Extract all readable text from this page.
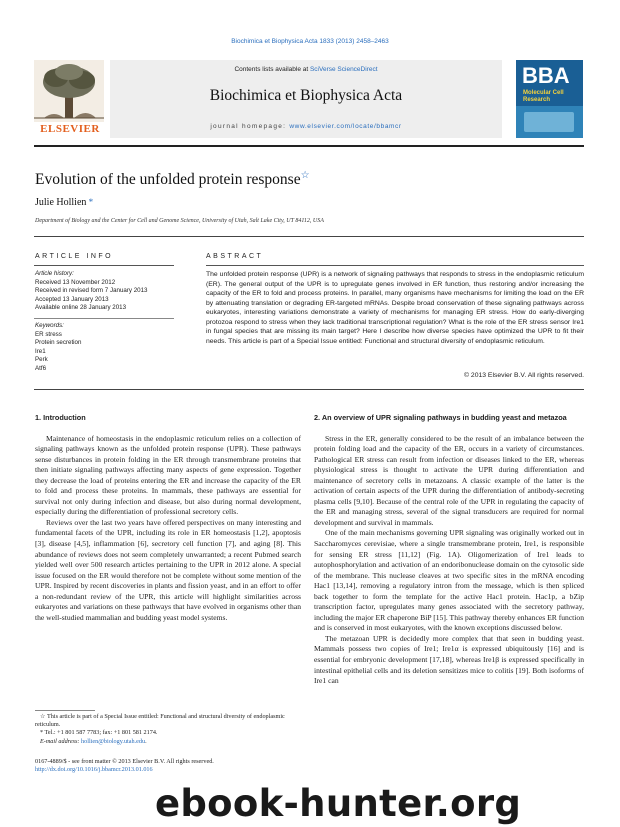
Biochimica et Biophysica Acta 1833 (2013) 2458–2463
ELSEVIER
Contents lists available at SciVerse ScienceDirect
Biochimica et Biophysica Acta
journal homepage: www.elsevier.com/locate/bbamcr
BBA
Molecular Cell Research
Evolution of the unfolded protein response☆
Julie Hollien *
Department of Biology and the Center for Cell and Genome Science, University of Utah, Salt Lake City, UT 84112, USA
ARTICLE INFO
Article history:
Received 13 November 2012
Received in revised form 7 January 2013
Accepted 13 January 2013
Available online 28 January 2013
Keywords:
ER stress
Protein secretion
Ire1
Perk
Atf6
ABSTRACT
The unfolded protein response (UPR) is a network of signaling pathways that responds to stress in the endoplasmic reticulum (ER). The general output of the UPR is to upregulate genes involved in ER function, thus restoring and/or increasing the capacity of the ER to fold and process proteins. In parallel, many organisms have mechanisms for limiting the load on the ER by attenuating translation or degrading ER-targeted mRNAs. Despite broad conservation of these signaling pathways across eukaryotes, interesting variations demonstrate a variety of mechanisms for managing ER stress. How do early-diverging protozoa respond to stress when they lack traditional transcriptional regulation? What is the role of the ER stress sensor Ire1 in fungal species that are missing its main target? Here I describe how diverse species have optimized the UPR to fit their needs. This article is part of a Special Issue entitled: Functional and structural diversity of endoplasmic reticulum.
© 2013 Elsevier B.V. All rights reserved.

1. Introduction

Maintenance of homeostasis in the endoplasmic reticulum relies on a collection of signaling pathways known as the unfolded protein response (UPR). These pathways sense disturbances in protein folding in the ER through transmembrane proteins that then initiate signaling pathways affecting many aspects of gene expression. Together they decrease the load of proteins entering the ER and increase the capacity of the ER to fold and process these proteins. In mammals, these pathways are essential for survival not only during infection and disease, but also during normal development, especially during the differentiation of professional secretory cells.

Reviews over the last two years have offered perspectives on many interesting and fundamental facets of the UPR, including its role in ER homeostasis [1,2], apoptosis [3], disease [4,5], inflammation [6], secretory cell function [7], and aging [8]. This abundance of reviews does not seem completely unwarranted; a recent Pubmed search yielded well over 500 research articles pertaining to the UPR in 2012 alone. A special issue focused on the ER would therefore not be complete without some mention of the UPR. Inspired by recent discoveries in plants and fission yeast, and in an effort to offer a non-redundant review of the UPR, this article will highlight similarities across eukaryotes and variations on these pathways that have evolved in organisms other than the well-studied mammalian and budding yeast model systems.

2. An overview of UPR signaling pathways in budding yeast and metazoa

Stress in the ER, generally considered to be the result of an imbalance between the protein folding load and the capacity of the ER, occurs in a variety of circumstances. Pathological ER stress can result from infection or diseases linked to the ER, whereas physiological stress is thought to activate the UPR during differentiation and maintenance of secretory cells in metazoans. A classic example of the latter is the activation of certain aspects of the UPR during the differentiation of antibody-secreting plasma cells [9,10]. Because of the central role of the UPR in regulating the capacity of the ER and managing stress, several of the signal transducers are required for normal development and survival in mammals.

One of the main mechanisms governing UPR signaling was originally worked out in Saccharomyces cerevisiae, where a single transmembrane protein, Ire1, is responsible for sensing ER stress [11,12] (Fig. 1A). Oligomerization of Ire1 leads to autophosphorylation and activation of an endoribonuclease domain on the cytosolic side of the membrane. This nuclease cleaves at two specific sites in the mRNA encoding Hac1 [13,14], removing a regulatory intron from the message, which is then spliced back together to form the template for the active Hac1 protein. Hac1p, a bZip transcription factor, upregulates many genes associated with the secretory pathway, including the major ER chaperone BiP [15]. This pathway thereby enhances ER function and is conserved in most eukaryotes, with the known exceptions discussed below.

The metazoan UPR is decidedly more complex that that seen in budding yeast. Mammals possess two copies of Ire1; Ire1α is expressed ubiquitously [16] and is essential for embryonic development [17,18], whereas Ire1β is expressed specifically in intestinal epithelial cells and its deletion sensitizes mice to colitis [19]. Both isoforms of Ire1 can

☆ This article is part of a Special Issue entitled: Functional and structural diversity of endoplasmic reticulum.
* Tel.: +1 801 587 7783; fax: +1 801 581 2174.
E-mail address: hollien@biology.utah.edu.
0167-4889/$ - see front matter © 2013 Elsevier B.V. All rights reserved.
http://dx.doi.org/10.1016/j.bbamcr.2013.01.016
ebook-hunter.org
